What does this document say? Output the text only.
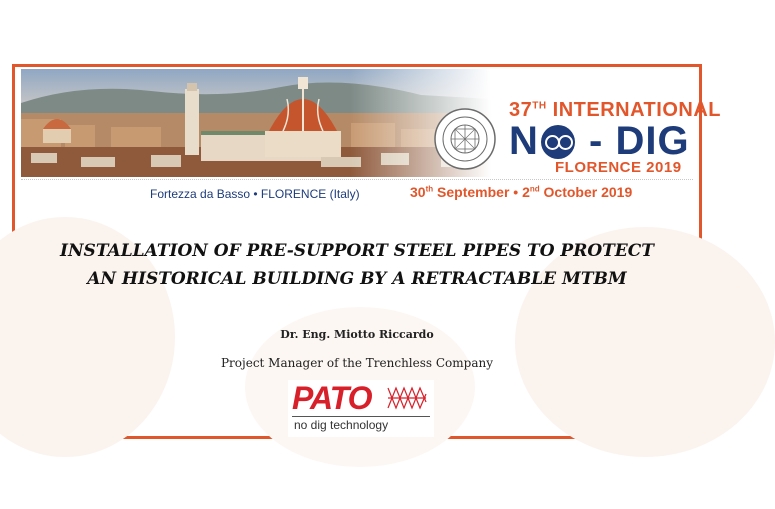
37TH INTERNATIONAL
N - DIG
FLORENCE 2019
Fortezza da Basso • FLORENCE (Italy)	30th September • 2nd October 2019
INSTALLATION OF PRE-SUPPORT STEEL PIPES TO PROTECT
AN HISTORICAL BUILDING BY A RETRACTABLE MTBM
Dr. Eng. Miotto Riccardo
Project Manager of the Trenchless Company
PATO
no dig technology
